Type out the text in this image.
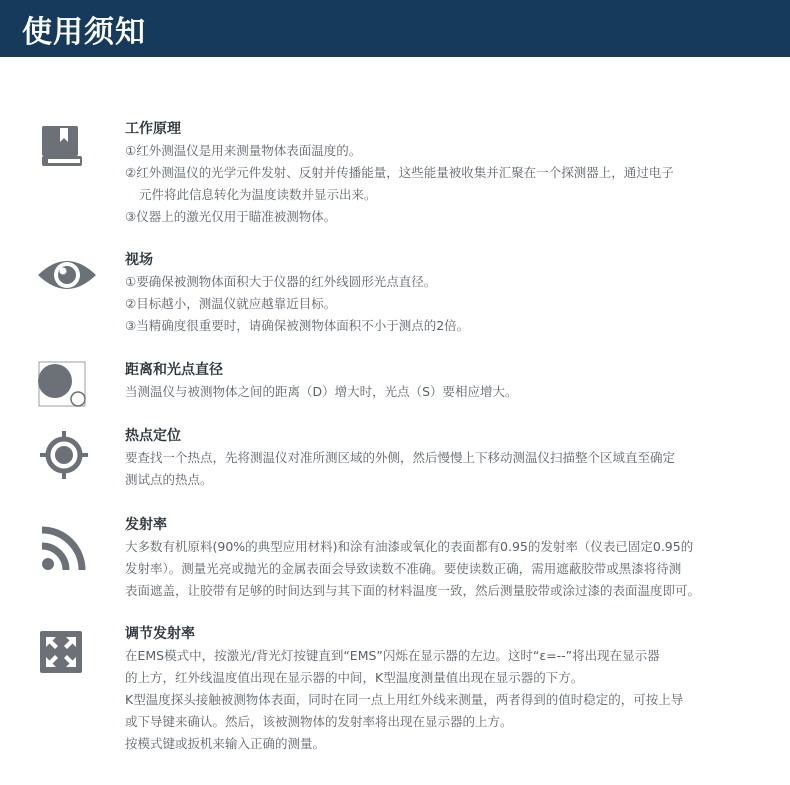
使用须知
工作原理
①红外测温仪是用来测量物体表面温度的。
②红外测温仪的光学元件发射、反射并传播能量，这些能量被收集并汇聚在一个探测器上，通过电子
元件将此信息转化为温度读数并显示出来。
③仪器上的激光仅用于瞄准被测物体。
视场
①要确保被测物体面积大于仪器的红外线圆形光点直径。
②目标越小，测温仪就应越靠近目标。
③当精确度很重要时，请确保被测物体面积不小于测点的2倍。
距离和光点直径
当测温仪与被测物体之间的距离（D）增大时，光点（S）要相应增大。
热点定位
要查找一个热点，先将测温仪对准所测区域的外侧，然后慢慢上下移动测温仪扫描整个区域直至确定
测试点的热点。
发射率
大多数有机原料(90%的典型应用材料)和涂有油漆或氧化的表面都有0.95的发射率（仪表已固定0.95的
发射率）。测量光亮或抛光的金属表面会导致读数不准确。要使读数正确，需用遮蔽胶带或黑漆将待测
表面遮盖，让胶带有足够的时间达到与其下面的材料温度一致，然后测量胶带或涂过漆的表面温度即可。
调节发射率
在EMS模式中，按激光/背光灯按键直到“EMS”闪烁在显示器的左边。这时“ε=--”将出现在显示器
的上方，红外线温度值出现在显示器的中间，K型温度测量值出现在显示器的下方。
K型温度探头接触被测物体表面，同时在同一点上用红外线来测量，两者得到的值时稳定的，可按上导
或下导键来确认。然后，该被测物体的发射率将出现在显示器的上方。
按模式键或扳机来输入正确的测量。
